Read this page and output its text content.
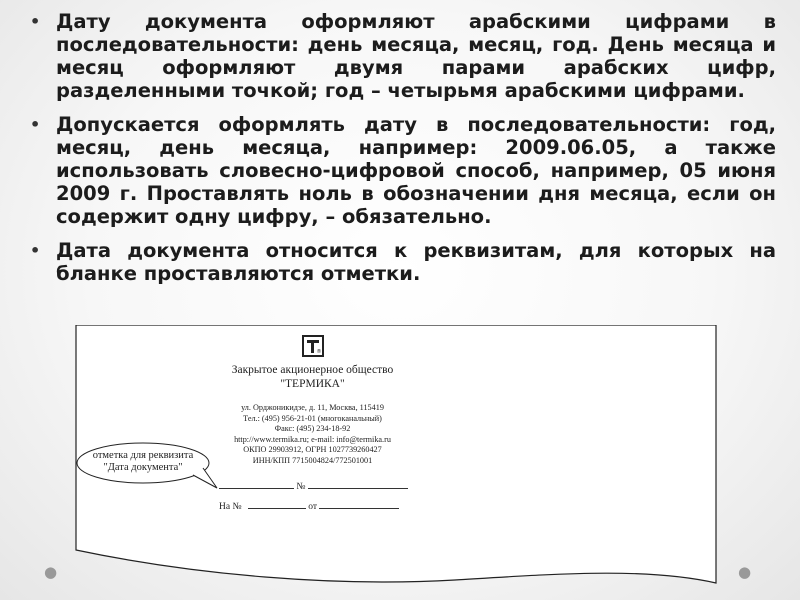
• Дату документа оформляют арабскими цифрами в последовательности: день месяца, месяц, год. День месяца и месяц оформляют двумя парами арабских цифр, разделенными точкой; год – четырьмя арабскими цифрами.
• Допускается оформлять дату в последовательности: год, месяц, день месяца, например: 2009.06.05, а также использовать словесно-цифровой способ, например, 05 июня 2009 г. Проставлять ноль в обозначении дня месяца, если он содержит одну цифру, – обязательно.
• Дата документа относится к реквизитам, для которых на бланке проставляются отметки.
®
Закрытое акционерное общество
"ТЕРМИКА"
ул. Орджоникидзе, д. 11, Москва, 115419
Тел.: (495) 956-21-01 (многоканальный)
Факс: (495) 234-18-92
http://www.termika.ru; e-mail: info@termika.ru
ОКПО 29903912, ОГРН 1027739260427
ИНН/КПП 7715004824/772501001
отметка для реквизита
"Дата документа"
№
На №	от
●	●
